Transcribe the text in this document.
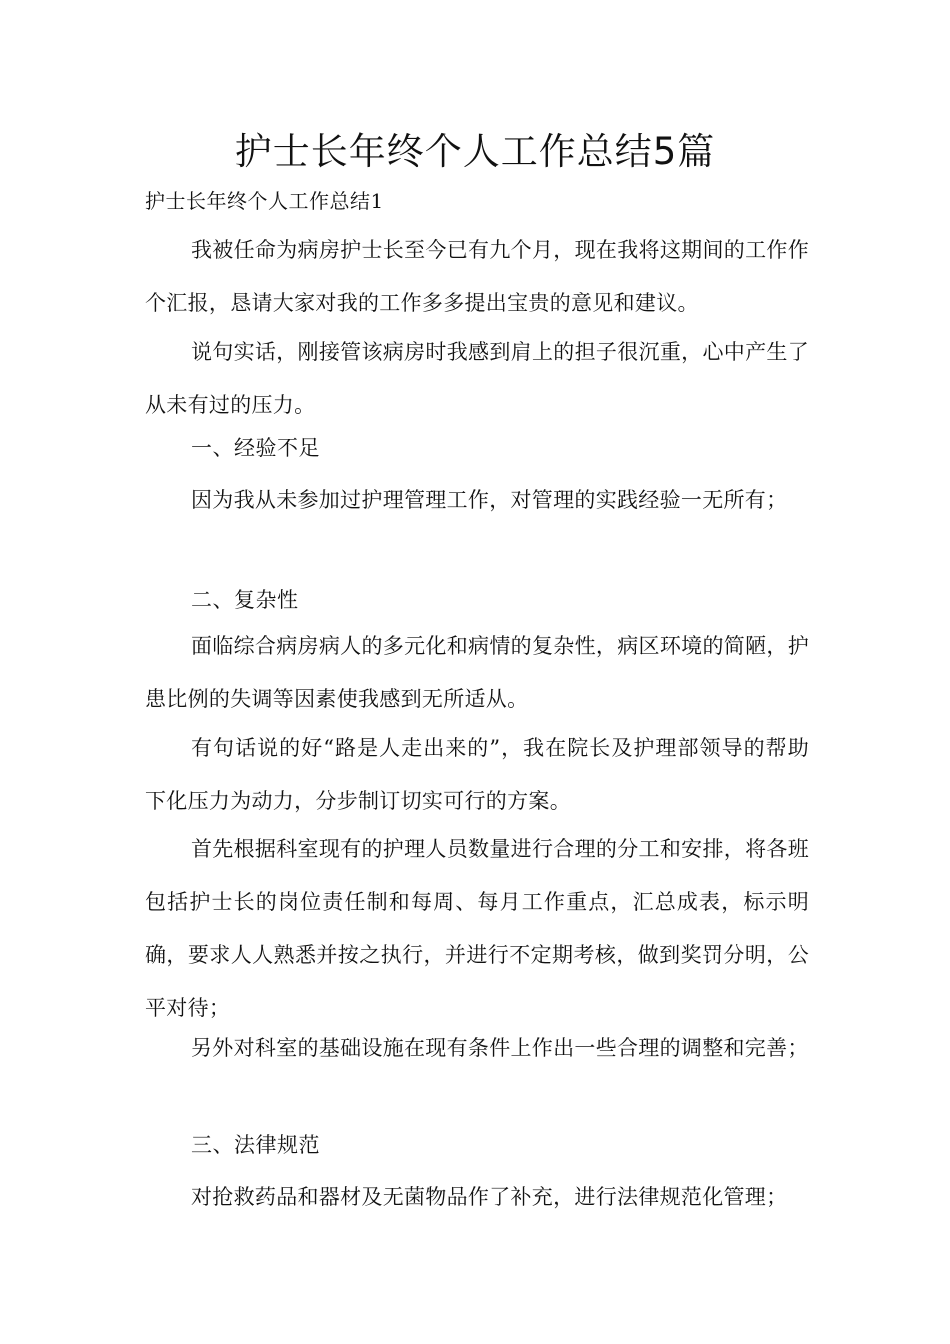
护士长年终个人工作总结5篇
护士长年终个人工作总结1
我被任命为病房护士长至今已有九个月，现在我将这期间的工作作个汇报，恳请大家对我的工作多多提出宝贵的意见和建议。
说句实话，刚接管该病房时我感到肩上的担子很沉重，心中产生了从未有过的压力。
一、经验不足
因为我从未参加过护理管理工作，对管理的实践经验一无所有；
二、复杂性
面临综合病房病人的多元化和病情的复杂性，病区环境的简陋，护患比例的失调等因素使我感到无所适从。
有句话说的好“路是人走出来的”，我在院长及护理部领导的帮助下化压力为动力，分步制订切实可行的方案。
首先根据科室现有的护理人员数量进行合理的分工和安排，将各班包括护士长的岗位责任制和每周、每月工作重点，汇总成表，标示明确，要求人人熟悉并按之执行，并进行不定期考核，做到奖罚分明，公平对待；
另外对科室的基础设施在现有条件上作出一些合理的调整和完善；
三、法律规范
对抢救药品和器材及无菌物品作了补充，进行法律规范化管理；
